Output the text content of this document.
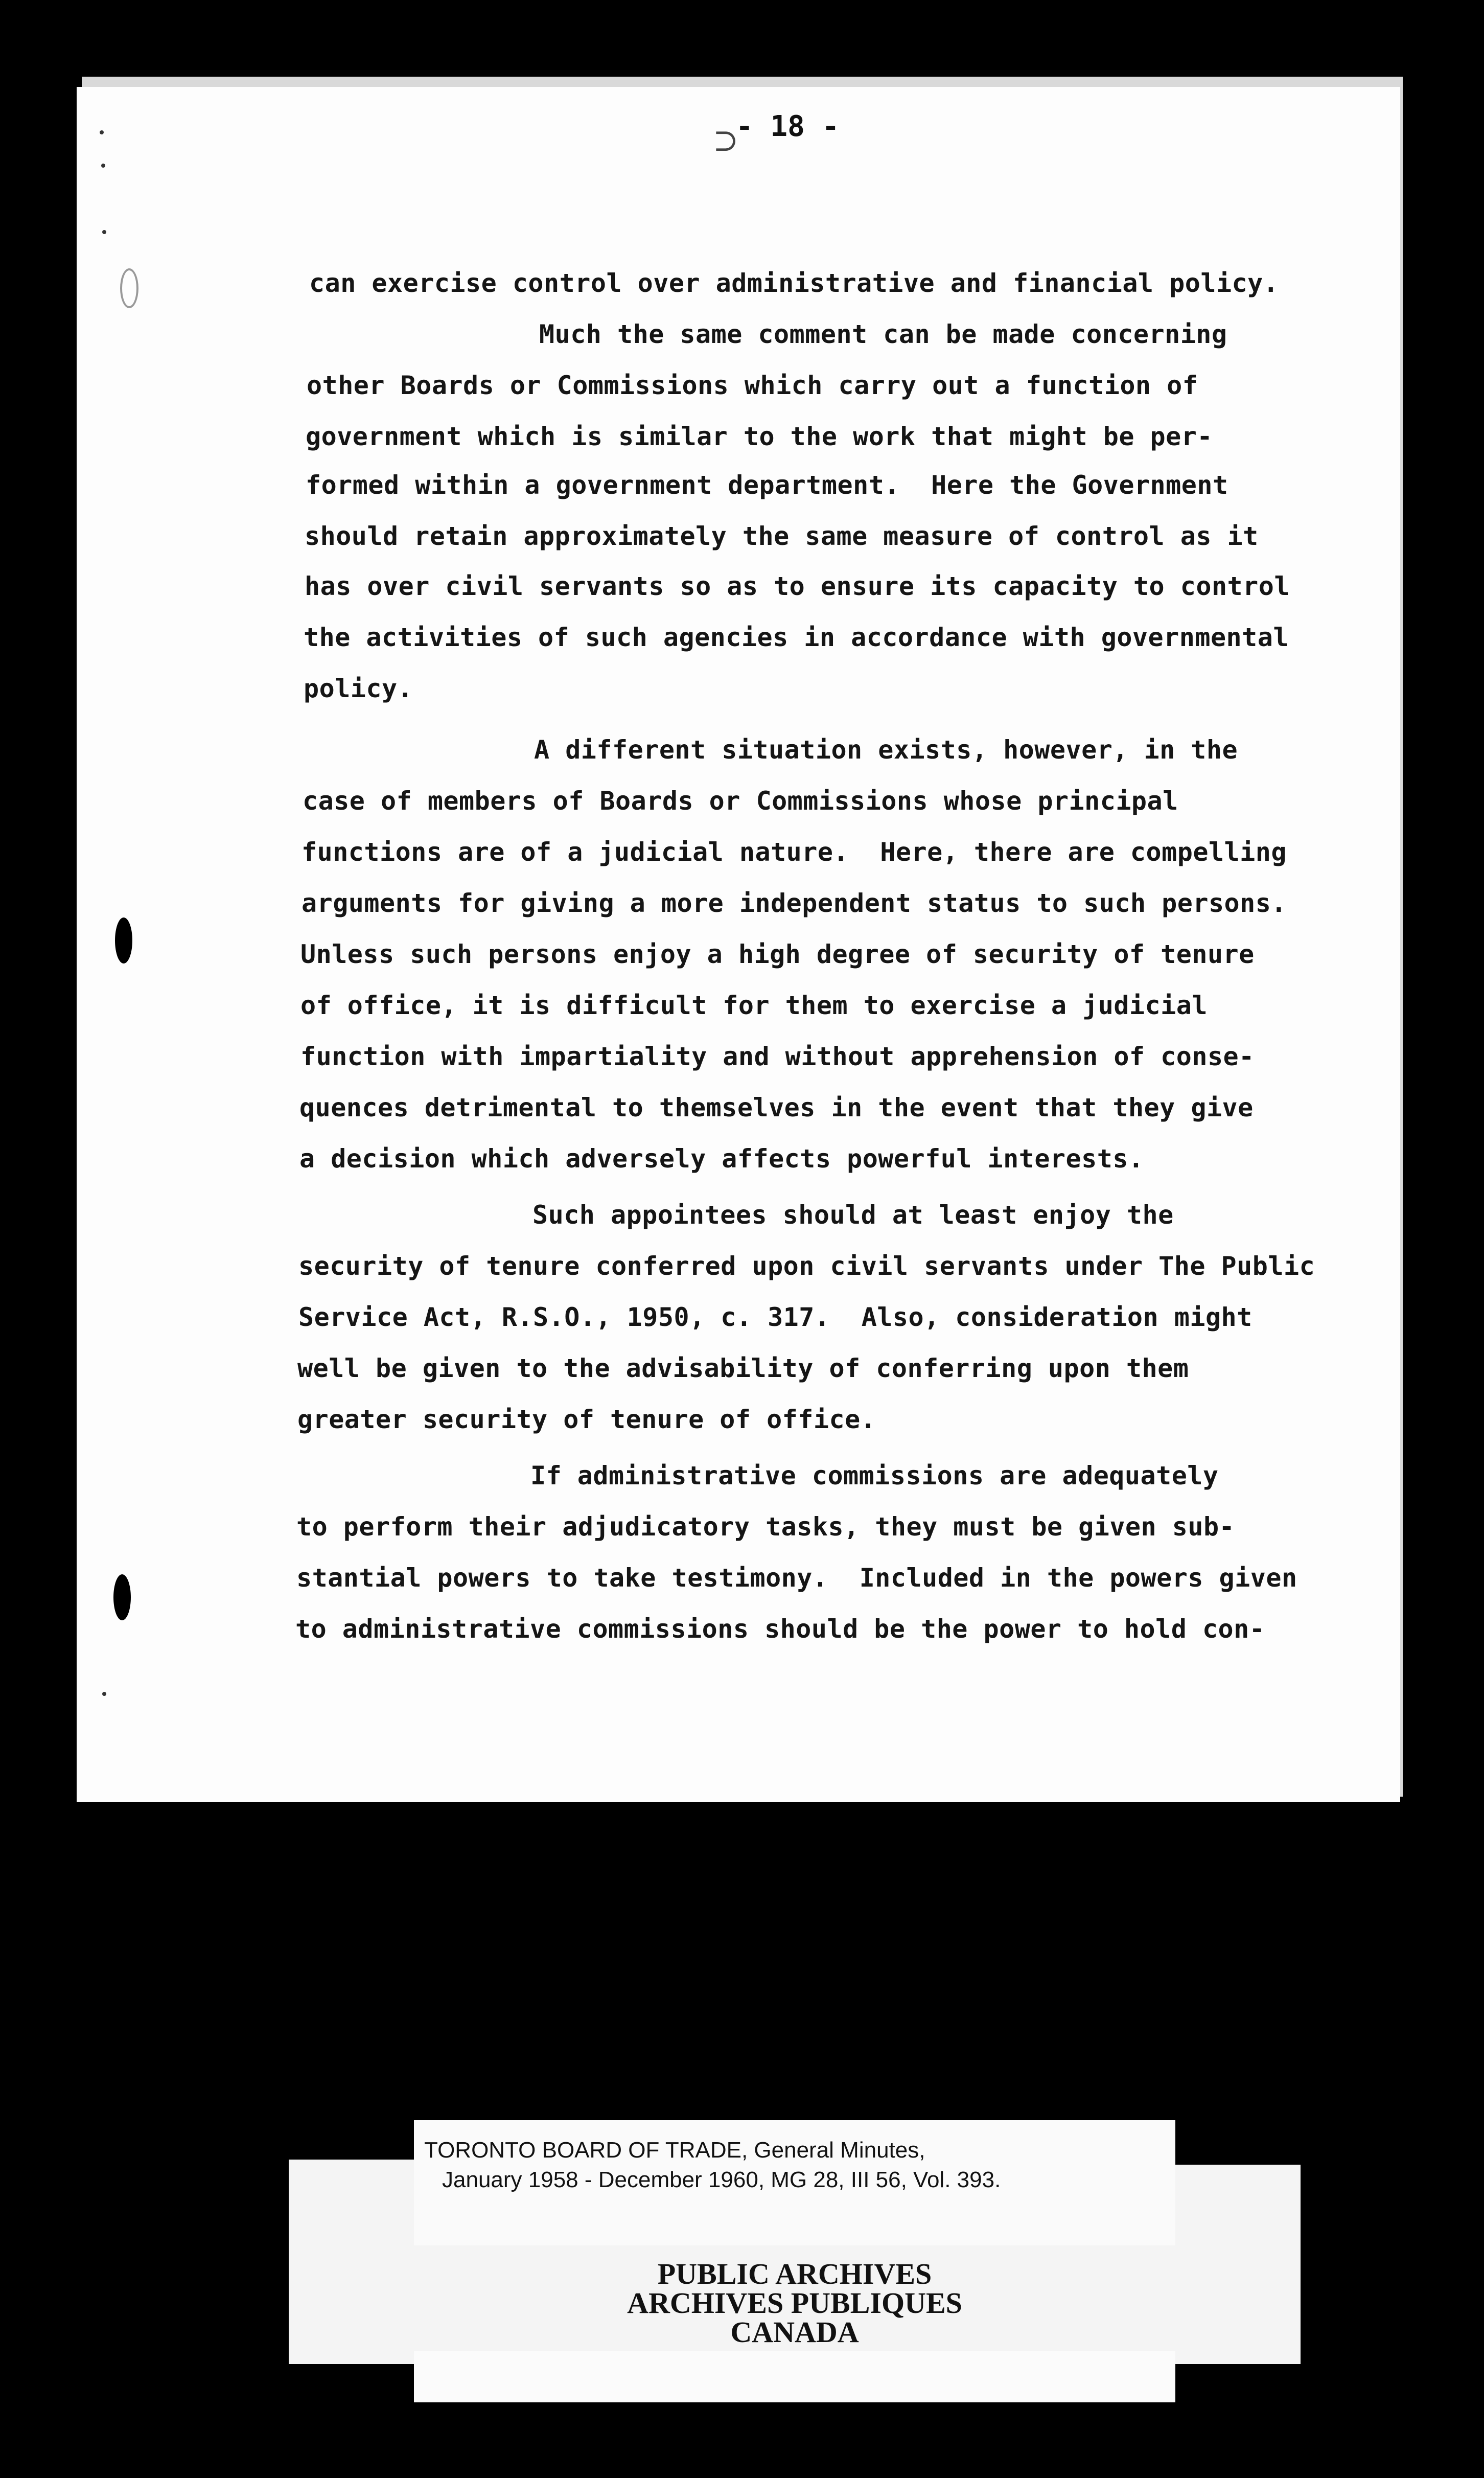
⊃
- 18 -
can exercise control over administrative and financial policy.
Much the same comment can be made concerning
other Boards or Commissions which carry out a function of
government which is similar to the work that might be per-
formed within a government department.  Here the Government
should retain approximately the same measure of control as it
has over civil servants so as to ensure its capacity to control
the activities of such agencies in accordance with governmental
policy.
A different situation exists, however, in the
case of members of Boards or Commissions whose principal
functions are of a judicial nature.  Here, there are compelling
arguments for giving a more independent status to such persons.
Unless such persons enjoy a high degree of security of tenure
of office, it is difficult for them to exercise a judicial
function with impartiality and without apprehension of conse-
quences detrimental to themselves in the event that they give
a decision which adversely affects powerful interests.
Such appointees should at least enjoy the
security of tenure conferred upon civil servants under The Public
Service Act, R.S.O., 1950, c. 317.  Also, consideration might
well be given to the advisability of conferring upon them
greater security of tenure of office.
If administrative commissions are adequately
to perform their adjudicatory tasks, they must be given sub-
stantial powers to take testimony.  Included in the powers given
to administrative commissions should be the power to hold con-
TORONTO BOARD OF TRADE, General Minutes,
January 1958 - December 1960, MG 28, III 56, Vol. 393.
PUBLIC ARCHIVES
ARCHIVES PUBLIQUES
CANADA
